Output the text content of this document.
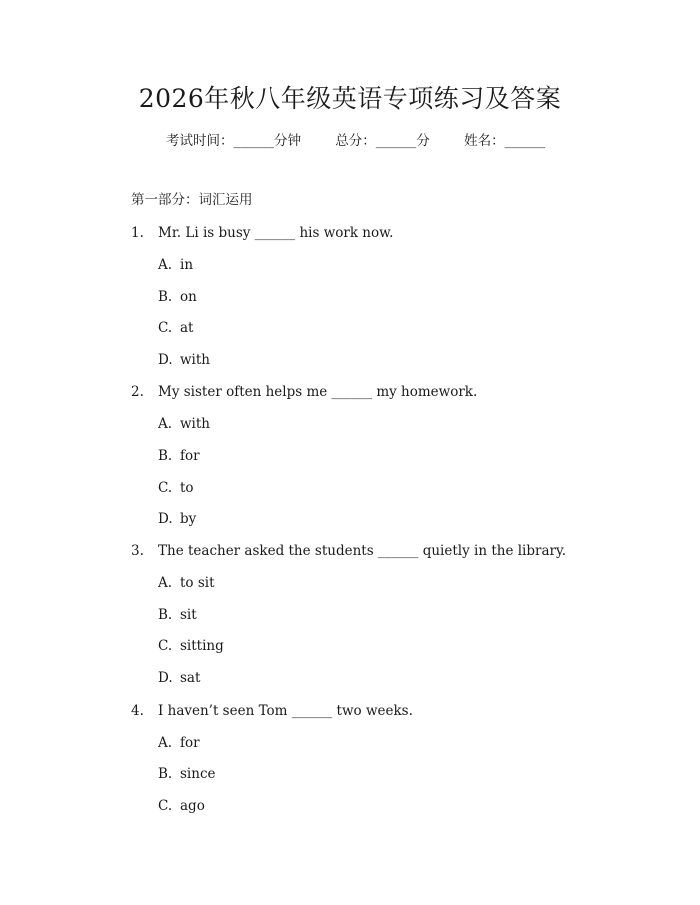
2026年秋八年级英语专项练习及答案
考试时间：______分钟	总分：______分	姓名：______
第一部分：词汇运用
1. Mr. Li is busy ______ his work now.
A. in
B. on
C. at
D. with
2. My sister often helps me ______ my homework.
A. with
B. for
C. to
D. by
3. The teacher asked the students ______ quietly in the library.
A. to sit
B. sit
C. sitting
D. sat
4. I haven’t seen Tom ______ two weeks.
A. for
B. since
C. ago
